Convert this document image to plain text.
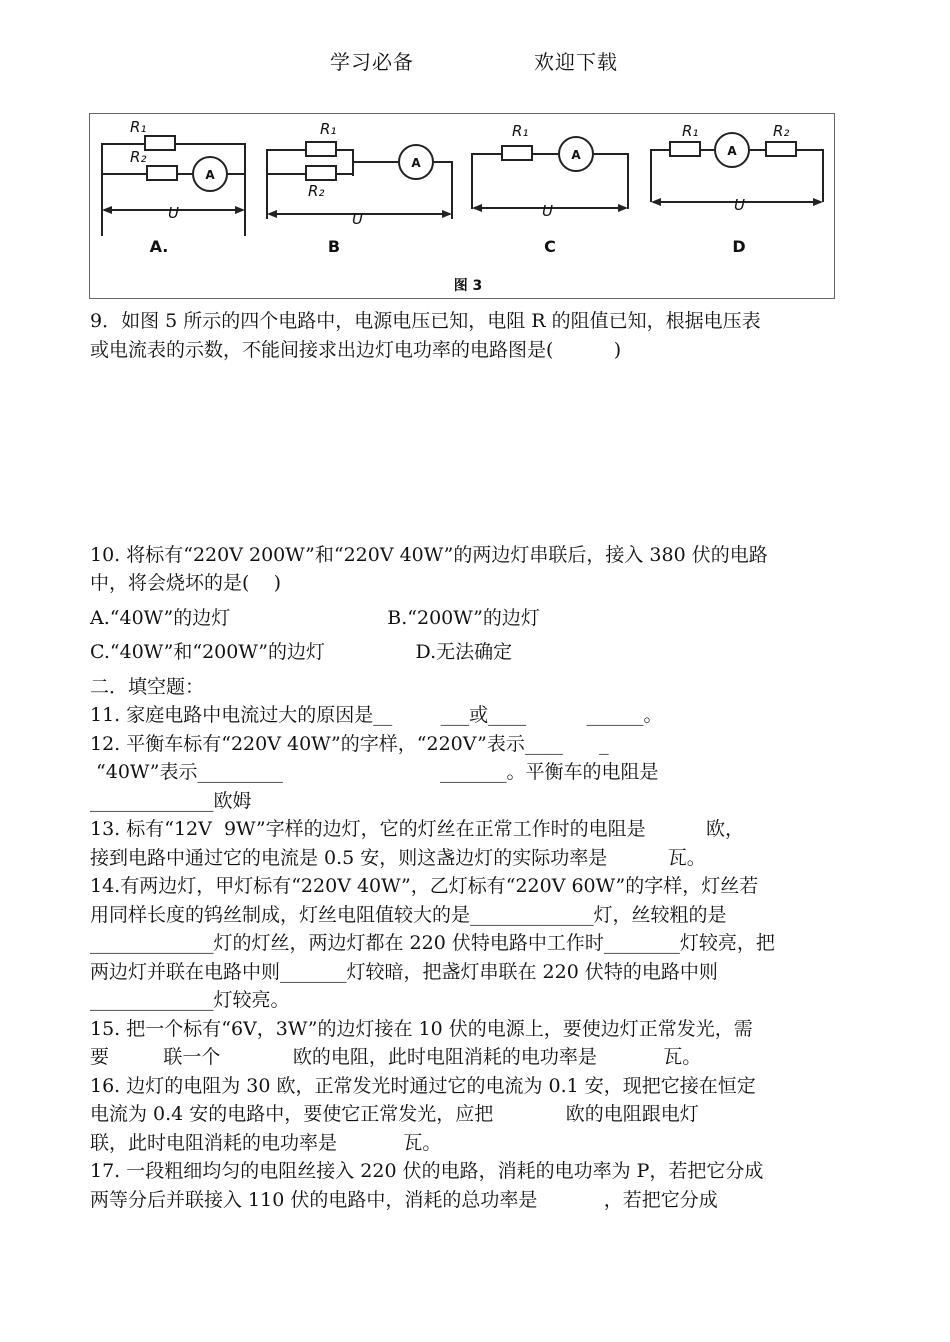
学习必备	欢迎下载
R₁
R₂
R₁
R₂
R₁	R₁	R₂
U	U	U	U
A
A
A	A
A.	B	C	D
图 3
9．如图 5 所示的四个电路中，电源电压已知，电阻 R 的阻值已知，根据电压表
或电流表的示数，不能间接求出边灯电功率的电路图是(          )
10. 将标有“220V 200W”和“220V 40W”的两边灯串联后，接入 380 伏的电路
中，将会烧坏的是(    )
A.“40W”的边灯                          B.“200W”的边灯
C.“40W”和“200W”的边灯               D.无法确定
二．填空题：
11. 家庭电路中电流过大的原因是__        ___或____          ______。
12. 平衡车标有“220V 40W”的字样，“220V”表示____      _
“40W”表示_________                          _______。平衡车的电阻是
_____________欧姆
13. 标有“12V  9W”字样的边灯，它的灯丝在正常工作时的电阻是          欧，
接到电路中通过它的电流是 0.5 安，则这盏边灯的实际功率是          瓦。
14.有两边灯，甲灯标有“220V 40W”，乙灯标有“220V 60W”的字样，灯丝若
用同样长度的钨丝制成，灯丝电阻值较大的是_____________灯，丝较粗的是
_____________灯的灯丝，两边灯都在 220 伏特电路中工作时________灯较亮，把
两边灯并联在电路中则_______灯较暗，把盏灯串联在 220 伏特的电路中则
_____________灯较亮。
15. 把一个标有“6V，3W”的边灯接在 10 伏的电源上，要使边灯正常发光，需
要         联一个            欧的电阻，此时电阻消耗的电功率是           瓦。
16. 边灯的电阻为 30 欧，正常发光时通过它的电流为 0.1 安，现把它接在恒定
电流为 0.4 安的电路中，要使它正常发光，应把            欧的电阻跟电灯
联，此时电阻消耗的电功率是           瓦。
17. 一段粗细均匀的电阻丝接入 220 伏的电路，消耗的电功率为 P，若把它分成
两等分后并联接入 110 伏的电路中，消耗的总功率是           ，若把它分成
